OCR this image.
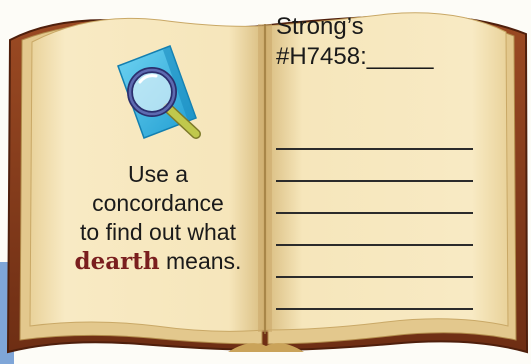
Use a
concordance
to find out what
dearth means.
Strong’s
#H7458:_____
